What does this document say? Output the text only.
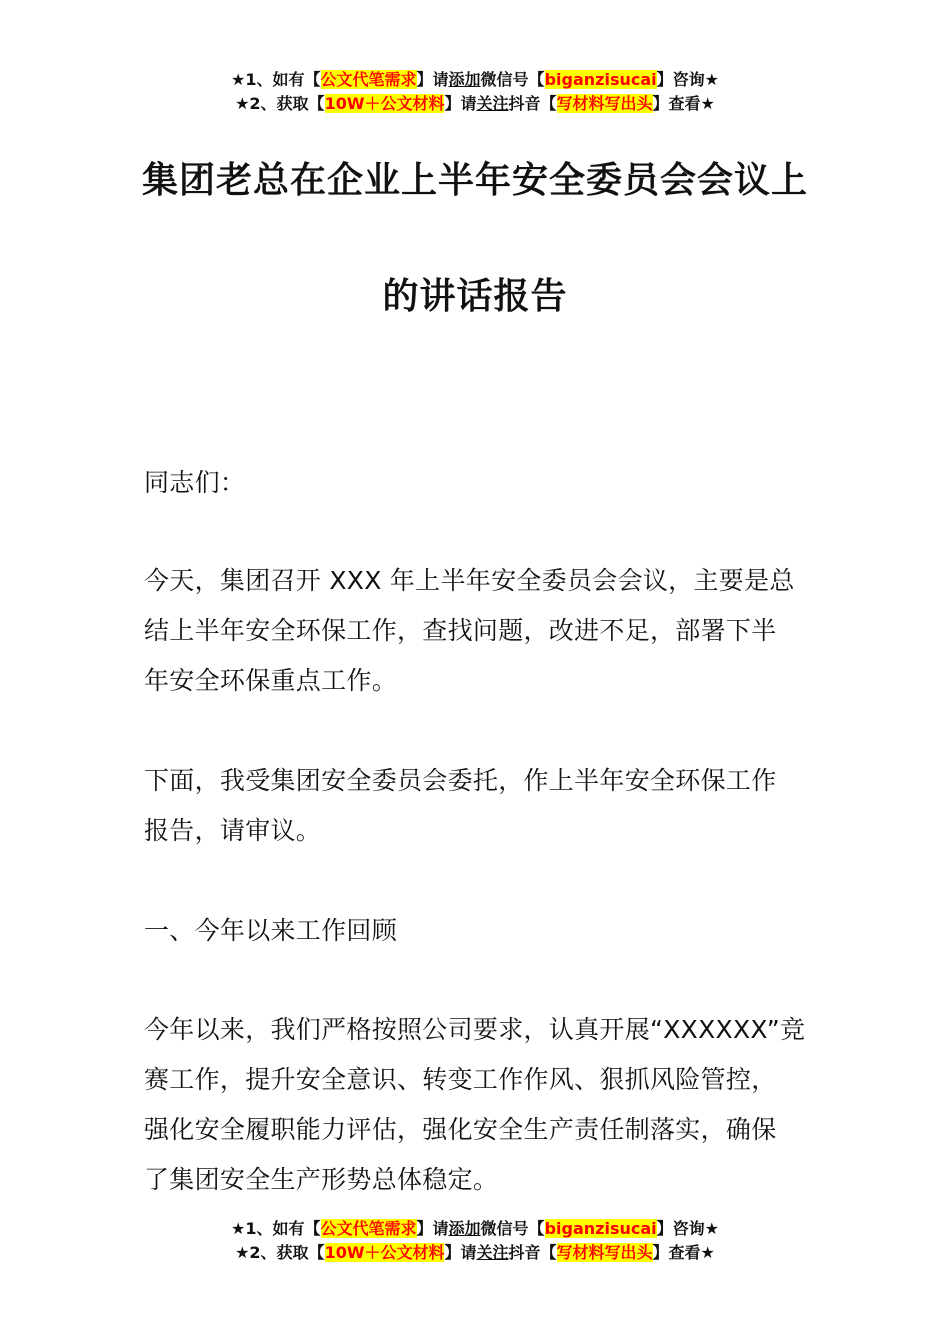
★1、如有【公文代笔需求】请添加微信号【biganzisucai】咨询★
★2、获取【10W＋公文材料】请关注抖音【写材料写出头】查看★
集团老总在企业上半年安全委员会会议上
的讲话报告
同志们：
今天，集团召开 XXX 年上半年安全委员会会议，主要是总
结上半年安全环保工作，查找问题，改进不足，部署下半
年安全环保重点工作。
下面，我受集团安全委员会委托，作上半年安全环保工作
报告，请审议。
一、今年以来工作回顾
今年以来，我们严格按照公司要求，认真开展“XXXXXX”竞
赛工作，提升安全意识、转变工作作风、狠抓风险管控，
强化安全履职能力评估，强化安全生产责任制落实，确保
了集团安全生产形势总体稳定。
★1、如有【公文代笔需求】请添加微信号【biganzisucai】咨询★
★2、获取【10W＋公文材料】请关注抖音【写材料写出头】查看★
